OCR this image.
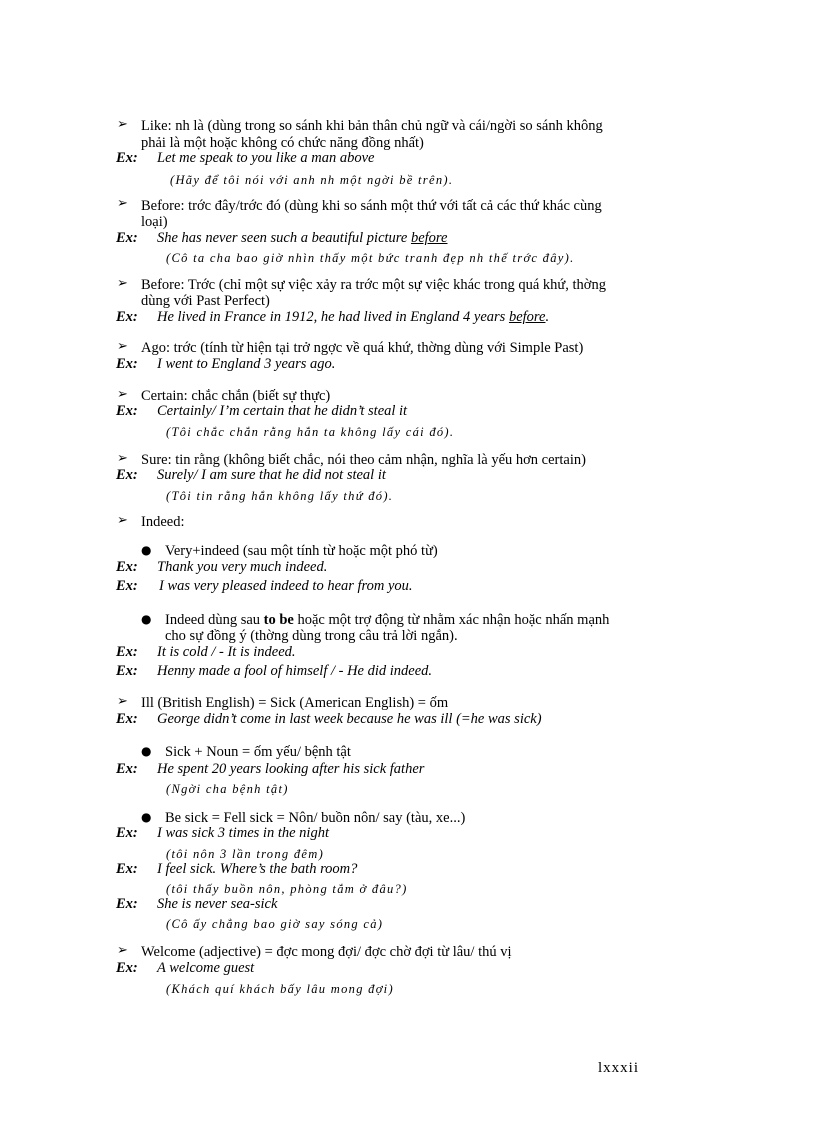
➢ Like: nh là (dùng trong so sánh khi bản thân chủ ngữ và cái/ngời so sánh không
phải là một hoặc không có chức năng đồng nhất)
Ex: Let me speak to you like a man above
(Hãy để tôi nói với anh nh một ngời bề trên).
➢ Before: trớc đây/trớc đó (dùng khi so sánh một thứ với tất cả các thứ khác cùng
loại)
Ex: She has never seen such a beautiful picture before
(Cô ta cha bao giờ nhìn thấy một bức tranh đẹp nh thế trớc đây).
➢ Before: Trớc (chỉ một sự việc xảy ra trớc một sự việc khác trong quá khứ, thờng
dùng với Past Perfect)
Ex: He lived in France in 1912, he had lived in England 4 years before.
➢ Ago: trớc (tính từ hiện tại trở ngợc về quá khứ, thờng dùng với Simple Past)
Ex: I went to England 3 years ago.
➢ Certain: chắc chắn (biết sự thực)
Ex: Certainly/ I’m certain that he didn’t steal it
(Tôi chắc chắn rằng hắn ta không lấy cái đó).
➢ Sure: tin rằng (không biết chắc, nói theo cảm nhận, nghĩa là yếu hơn certain)
Ex: Surely/ I am sure that he did not steal it
(Tôi tin rằng hắn không lấy thứ đó).
➢ Indeed:
● Very+indeed (sau một tính từ hoặc một phó từ)
Ex: Thank you very much indeed.
Ex: I was very pleased indeed to hear from you.
● Indeed dùng sau to be hoặc một trợ động từ nhằm xác nhận hoặc nhấn mạnh
cho sự đồng ý (thờng dùng trong câu trả lời ngắn).
Ex: It is cold / - It is indeed.
Ex: Henny made a fool of himself / - He did indeed.
➢ Ill (British English) = Sick (American English) = ốm
Ex: George didn’t come in last week because he was ill (=he was sick)
● Sick + Noun = ốm yếu/ bệnh tật
Ex: He spent 20 years looking after his sick father
(Ngời cha bệnh tật)
● Be sick = Fell sick = Nôn/ buồn nôn/ say (tàu, xe...)
Ex: I was sick 3 times in the night
(tôi nôn 3 lần trong đêm)
Ex: I feel sick. Where’s the bath room?
(tôi thấy buồn nôn, phòng tắm ở đâu?)
Ex: She is never sea-sick
(Cô ấy chẳng bao giờ say sóng cả)
➢ Welcome (adjective) = đợc mong đợi/ đợc chờ đợi từ lâu/ thú vị
Ex: A welcome guest
(Khách quí khách bấy lâu mong đợi)
lxxxii
